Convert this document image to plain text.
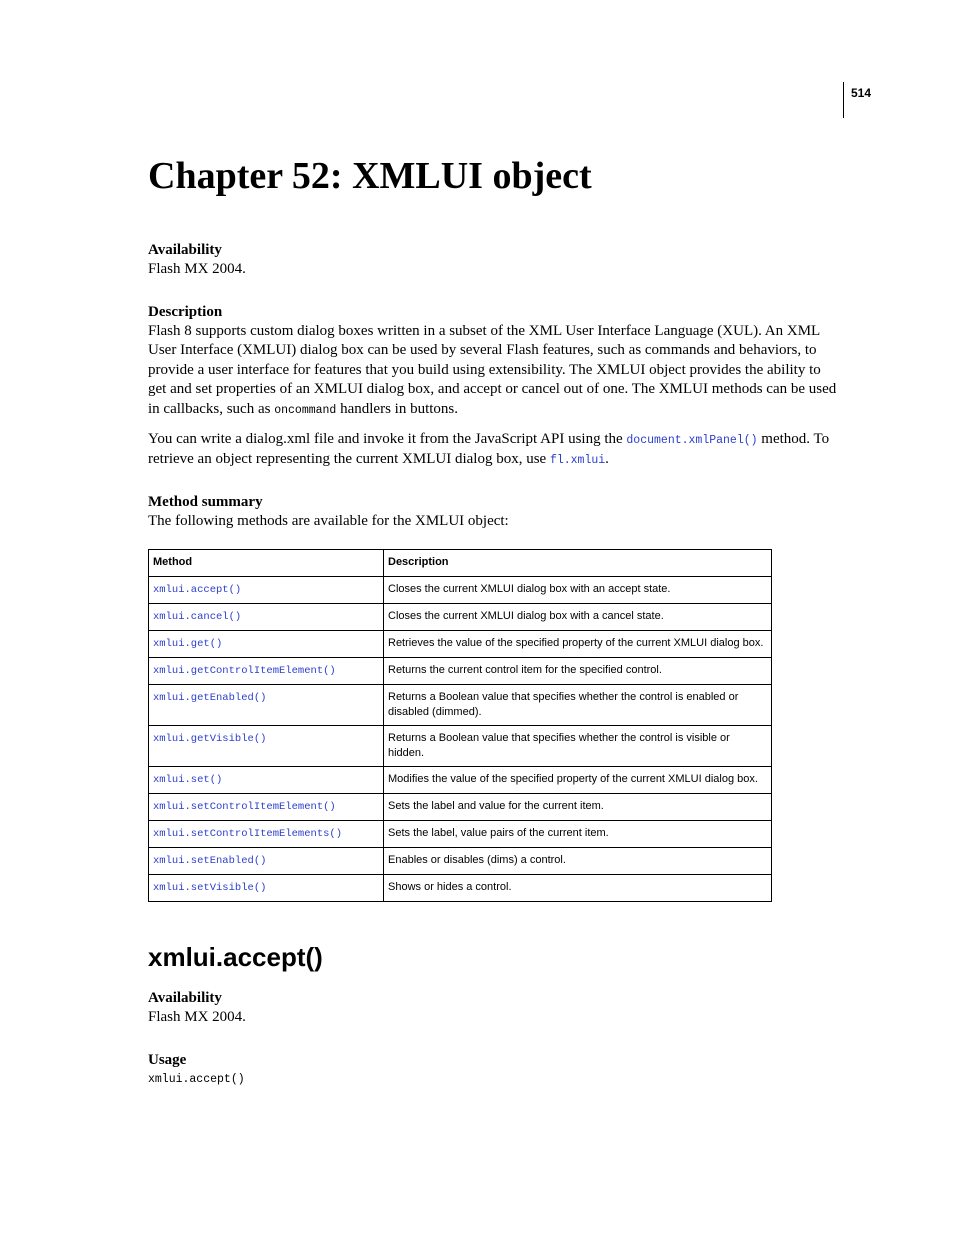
514
Chapter 52: XMLUI object

Availability

Flash MX 2004.

Description

Flash 8 supports custom dialog boxes written in a subset of the XML User Interface Language (XUL). An XML User Interface (XMLUI) dialog box can be used by several Flash features, such as commands and behaviors, to provide a user interface for features that you build using extensibility. The XMLUI object provides the ability to get and set properties of an XMLUI dialog box, and accept or cancel out of one. The XMLUI methods can be used in callbacks, such as oncommand handlers in buttons.

You can write a dialog.xml file and invoke it from the JavaScript API using the document.xmlPanel() method. To retrieve an object representing the current XMLUI dialog box, use fl.xmlui.

Method summary

The following methods are available for the XMLUI object:

Method	Description
xmlui.accept()	Closes the current XMLUI dialog box with an accept state.
xmlui.cancel()	Closes the current XMLUI dialog box with a cancel state.
xmlui.get()	Retrieves the value of the specified property of the current XMLUI dialog box.
xmlui.getControlItemElement()	Returns the current control item for the specified control.
xmlui.getEnabled()	Returns a Boolean value that specifies whether the control is enabled or disabled (dimmed).
xmlui.getVisible()	Returns a Boolean value that specifies whether the control is visible or hidden.
xmlui.set()	Modifies the value of the specified property of the current XMLUI dialog box.
xmlui.setControlItemElement()	Sets the label and value for the current item.
xmlui.setControlItemElements()	Sets the label, value pairs of the current item.
xmlui.setEnabled()	Enables or disables (dims) a control.
xmlui.setVisible()	Shows or hides a control.
xmlui.accept()

Availability

Flash MX 2004.

Usage

xmlui.accept()
